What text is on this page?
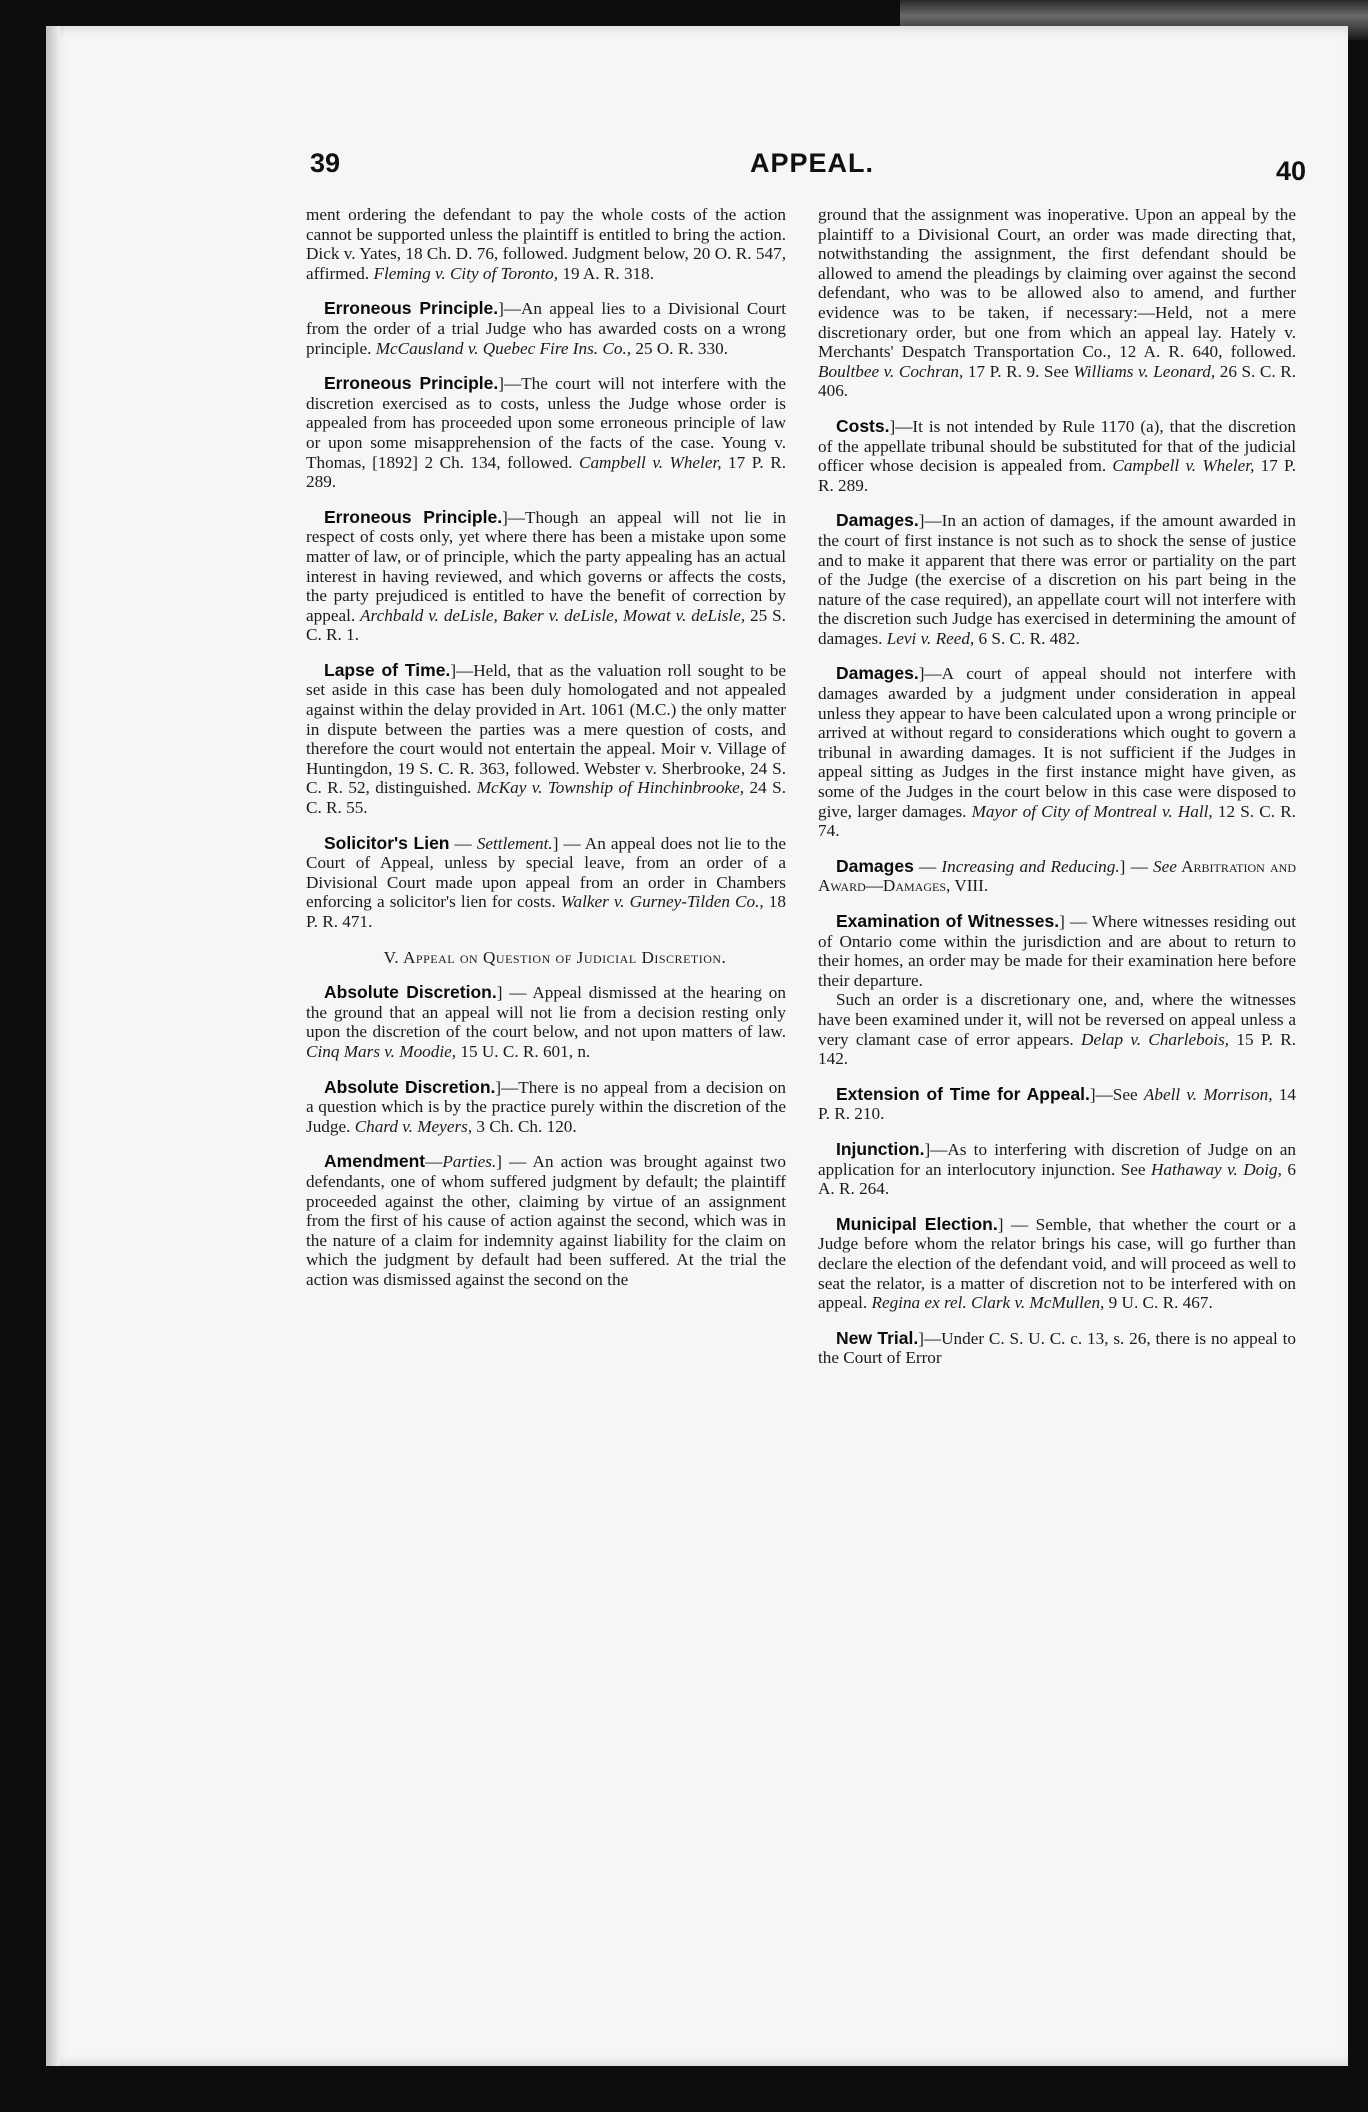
39	APPEAL.	40

ment ordering the defendant to pay the whole costs of the action cannot be supported unless the plaintiff is entitled to bring the action. Dick v. Yates, 18 Ch. D. 76, followed. Judgment below, 20 O. R. 547, affirmed. Fleming v. City of Toronto, 19 A. R. 318.

Erroneous Principle.]—An appeal lies to a Divisional Court from the order of a trial Judge who has awarded costs on a wrong principle. McCausland v. Quebec Fire Ins. Co., 25 O. R. 330.

Erroneous Principle.]—The court will not interfere with the discretion exercised as to costs, unless the Judge whose order is appealed from has proceeded upon some erroneous principle of law or upon some misapprehension of the facts of the case. Young v. Thomas, [1892] 2 Ch. 134, followed. Campbell v. Wheler, 17 P. R. 289.

Erroneous Principle.]—Though an appeal will not lie in respect of costs only, yet where there has been a mistake upon some matter of law, or of principle, which the party appealing has an actual interest in having reviewed, and which governs or affects the costs, the party prejudiced is entitled to have the benefit of correction by appeal. Archbald v. deLisle, Baker v. deLisle, Mowat v. deLisle, 25 S. C. R. 1.

Lapse of Time.]—Held, that as the valuation roll sought to be set aside in this case has been duly homologated and not appealed against within the delay provided in Art. 1061 (M.C.) the only matter in dispute between the parties was a mere question of costs, and therefore the court would not entertain the appeal. Moir v. Village of Huntingdon, 19 S. C. R. 363, followed. Webster v. Sherbrooke, 24 S. C. R. 52, distinguished. McKay v. Township of Hinchinbrooke, 24 S. C. R. 55.

Solicitor's Lien — Settlement.] — An appeal does not lie to the Court of Appeal, unless by special leave, from an order of a Divisional Court made upon appeal from an order in Chambers enforcing a solicitor's lien for costs. Walker v. Gurney-Tilden Co., 18 P. R. 471.

V. Appeal on Question of Judicial Discretion.

Absolute Discretion.] — Appeal dismissed at the hearing on the ground that an appeal will not lie from a decision resting only upon the discretion of the court below, and not upon matters of law. Cinq Mars v. Moodie, 15 U. C. R. 601, n.

Absolute Discretion.]—There is no appeal from a decision on a question which is by the practice purely within the discretion of the Judge. Chard v. Meyers, 3 Ch. Ch. 120.

Amendment—Parties.] — An action was brought against two defendants, one of whom suffered judgment by default; the plaintiff proceeded against the other, claiming by virtue of an assignment from the first of his cause of action against the second, which was in the nature of a claim for indemnity against liability for the claim on which the judgment by default had been suffered. At the trial the action was dismissed against the second on the

ground that the assignment was inoperative. Upon an appeal by the plaintiff to a Divisional Court, an order was made directing that, notwithstanding the assignment, the first defendant should be allowed to amend the pleadings by claiming over against the second defendant, who was to be allowed also to amend, and further evidence was to be taken, if necessary:—Held, not a mere discretionary order, but one from which an appeal lay. Hately v. Merchants' Despatch Transportation Co., 12 A. R. 640, followed. Boultbee v. Cochran, 17 P. R. 9. See Williams v. Leonard, 26 S. C. R. 406.

Costs.]—It is not intended by Rule 1170 (a), that the discretion of the appellate tribunal should be substituted for that of the judicial officer whose decision is appealed from. Campbell v. Wheler, 17 P. R. 289.

Damages.]—In an action of damages, if the amount awarded in the court of first instance is not such as to shock the sense of justice and to make it apparent that there was error or partiality on the part of the Judge (the exercise of a discretion on his part being in the nature of the case required), an appellate court will not interfere with the discretion such Judge has exercised in determining the amount of damages. Levi v. Reed, 6 S. C. R. 482.

Damages.]—A court of appeal should not interfere with damages awarded by a judgment under consideration in appeal unless they appear to have been calculated upon a wrong principle or arrived at without regard to considerations which ought to govern a tribunal in awarding damages. It is not sufficient if the Judges in appeal sitting as Judges in the first instance might have given, as some of the Judges in the court below in this case were disposed to give, larger damages. Mayor of City of Montreal v. Hall, 12 S. C. R. 74.

Damages — Increasing and Reducing.] — See Arbitration and Award—Damages, VIII.

Examination of Witnesses.] — Where witnesses residing out of Ontario come within the jurisdiction and are about to return to their homes, an order may be made for their examination here before their departure.

Such an order is a discretionary one, and, where the witnesses have been examined under it, will not be reversed on appeal unless a very clamant case of error appears. Delap v. Charlebois, 15 P. R. 142.

Extension of Time for Appeal.]—See Abell v. Morrison, 14 P. R. 210.

Injunction.]—As to interfering with discretion of Judge on an application for an interlocutory injunction. See Hathaway v. Doig, 6 A. R. 264.

Municipal Election.] — Semble, that whether the court or a Judge before whom the relator brings his case, will go further than declare the election of the defendant void, and will proceed as well to seat the relator, is a matter of discretion not to be interfered with on appeal. Regina ex rel. Clark v. McMullen, 9 U. C. R. 467.

New Trial.]—Under C. S. U. C. c. 13, s. 26, there is no appeal to the Court of Error
